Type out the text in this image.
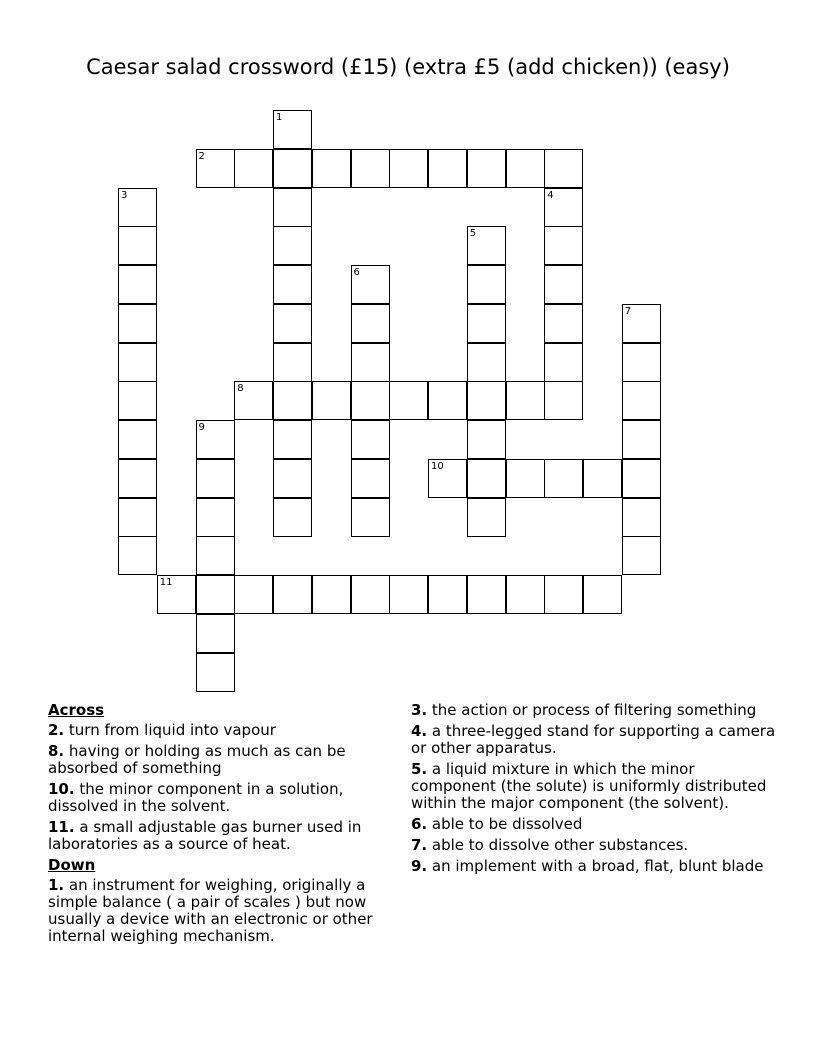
Caesar salad crossword (£15) (extra £5 (add chicken)) (easy)
1
2
3	4
5
6
7
8
9
10
11
Across
2. turn from liquid into vapour
8. having or holding as much as can be absorbed of something
10. the minor component in a solution, dissolved in the solvent.
11. a small adjustable gas burner used in laboratories as a source of heat.
Down
1. an instrument for weighing, originally a simple balance ( a pair of scales ) but now usually a device with an electronic or other internal weighing mechanism.
3. the action or process of filtering something
4. a three-legged stand for supporting a camera or other apparatus.
5. a liquid mixture in which the minor component (the solute) is uniformly distributed within the major component (the solvent).
6. able to be dissolved
7. able to dissolve other substances.
9. an implement with a broad, flat, blunt blade
